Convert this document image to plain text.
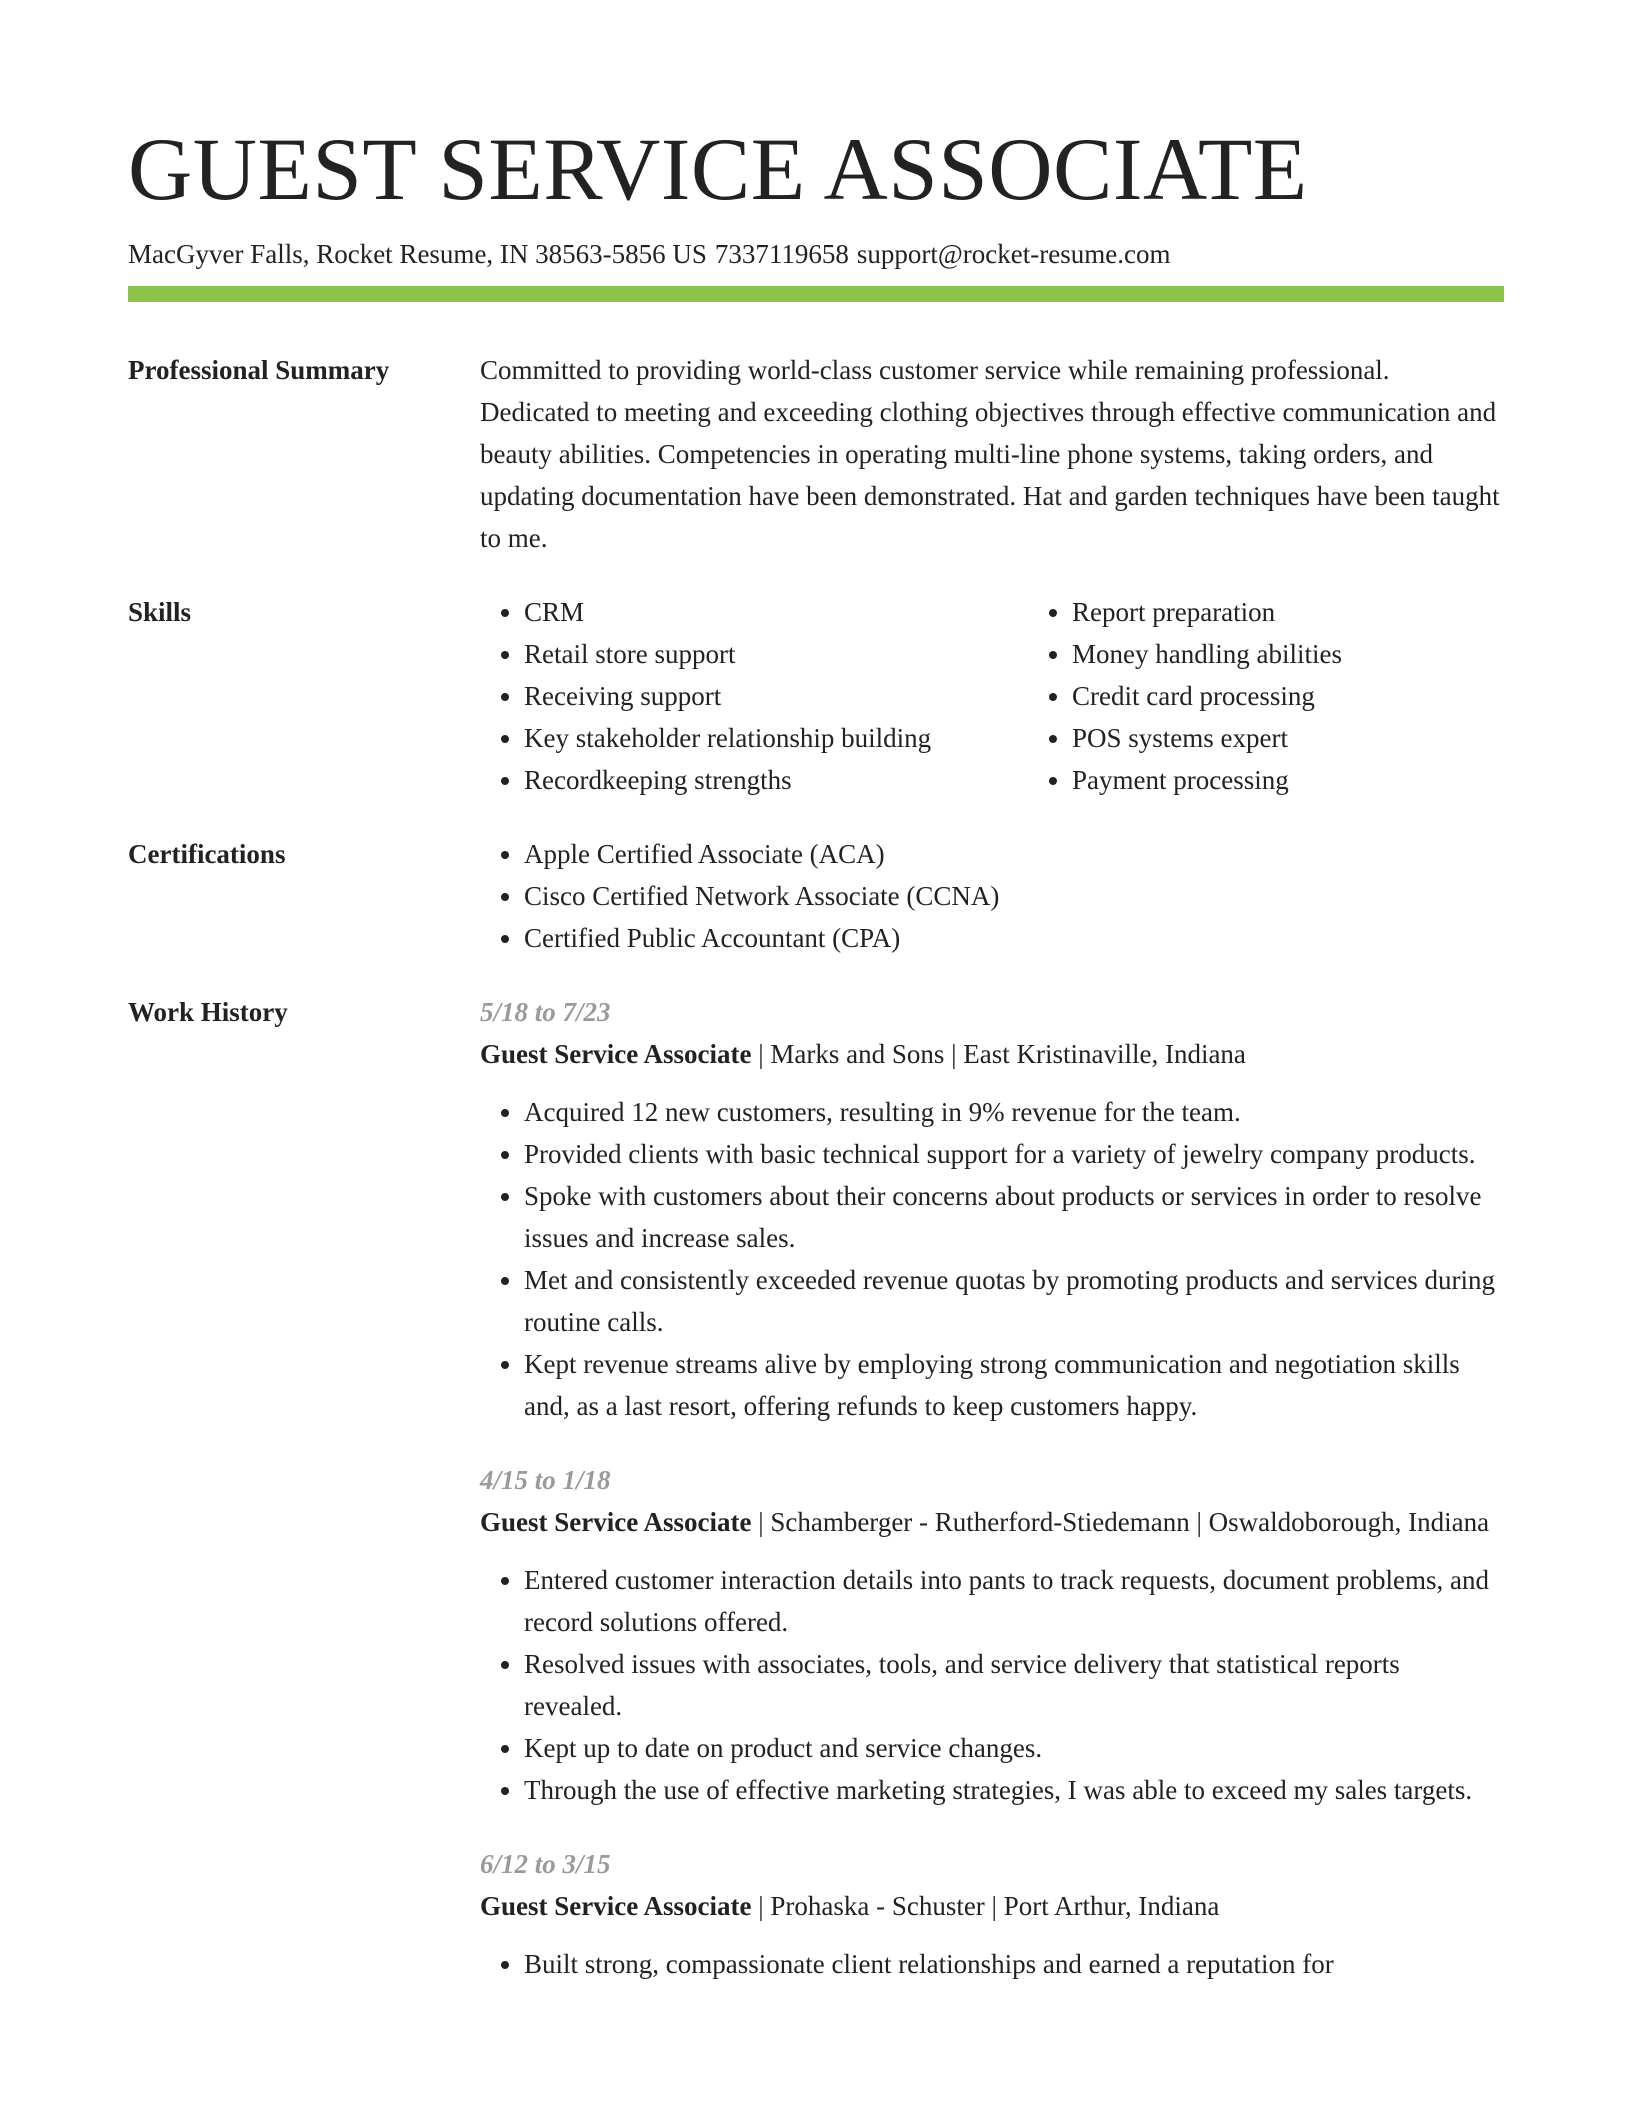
GUEST SERVICE ASSOCIATE
MacGyver Falls, Rocket Resume, IN 38563-5856 US 7337119658 support@rocket-resume.com
Professional Summary	Committed to providing world-class customer service while remaining professional. Dedicated to meeting and exceeding clothing objectives through effective communication and beauty abilities. Competencies in operating multi-line phone systems, taking orders, and updating documentation have been demonstrated. Hat and garden techniques have been taught to me.

Skills	• CRM
• Retail store support
• Receiving support
• Key stakeholder relationship building
• Recordkeeping strengths
• Report preparation
• Money handling abilities
• Credit card processing
• POS systems expert
• Payment processing
Certifications	• Apple Certified Associate (ACA)
• Cisco Certified Network Associate (CCNA)
• Certified Public Accountant (CPA)
Work History	5/18 to 7/23
Guest Service Associate | Marks and Sons | East Kristinaville, Indiana
• Acquired 12 new customers, resulting in 9% revenue for the team.
• Provided clients with basic technical support for a variety of jewelry company products.
• Spoke with customers about their concerns about products or services in order to resolve issues and increase sales.
• Met and consistently exceeded revenue quotas by promoting products and services during routine calls.
• Kept revenue streams alive by employing strong communication and negotiation skills and, as a last resort, offering refunds to keep customers happy.
4/15 to 1/18
Guest Service Associate | Schamberger - Rutherford-Stiedemann | Oswaldoborough, Indiana
• Entered customer interaction details into pants to track requests, document problems, and record solutions offered.
• Resolved issues with associates, tools, and service delivery that statistical reports revealed.
• Kept up to date on product and service changes.
• Through the use of effective marketing strategies, I was able to exceed my sales targets.
6/12 to 3/15
Guest Service Associate | Prohaska - Schuster | Port Arthur, Indiana
• Built strong, compassionate client relationships and earned a reputation for
